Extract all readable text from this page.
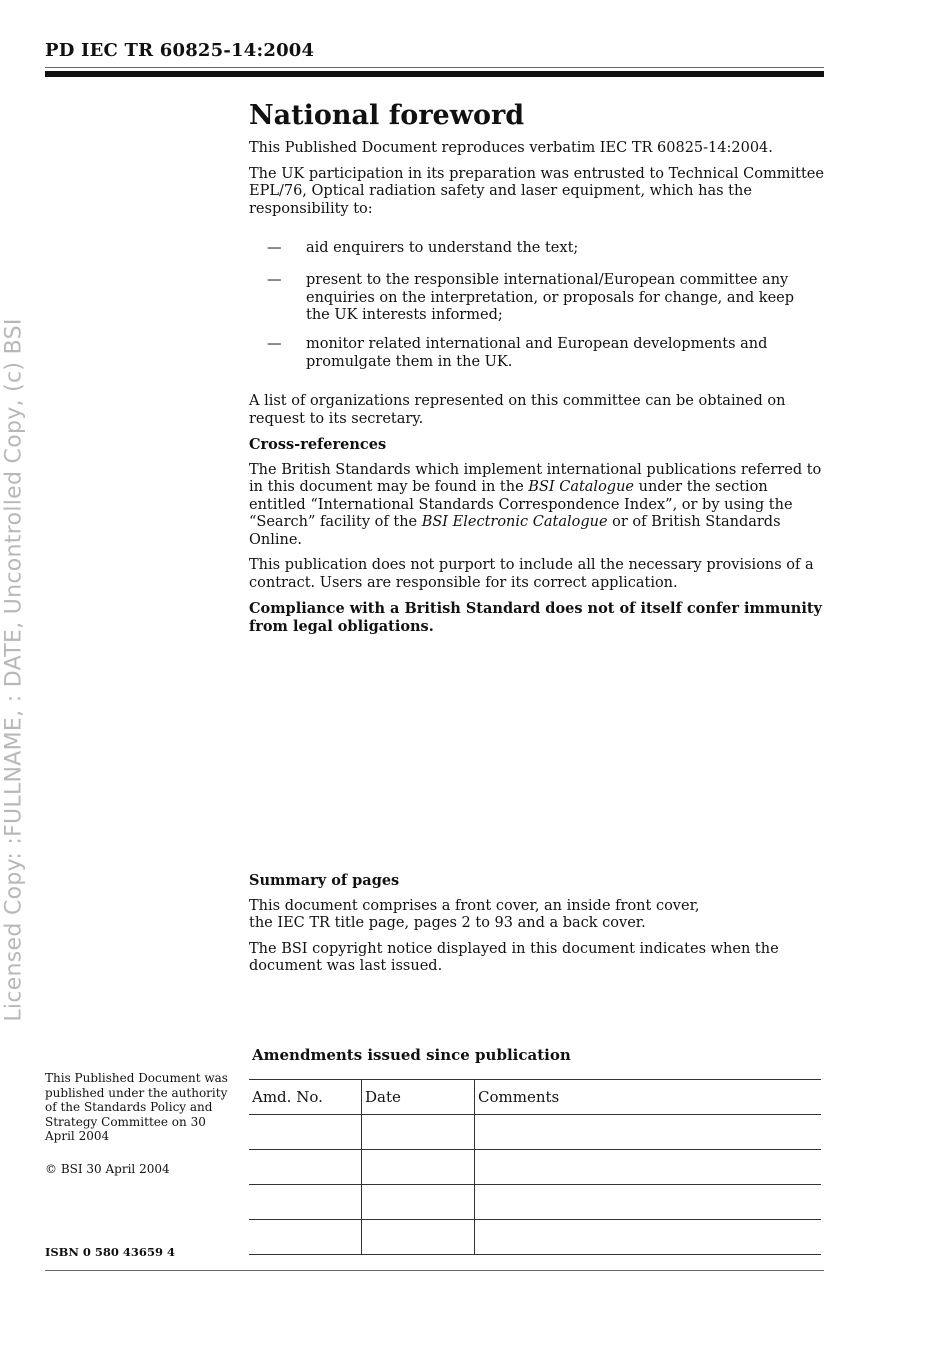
Licensed Copy: :FULLNAME, : DATE, Uncontrolled Copy, (c) BSI
PD IEC TR 60825-14:2004
National foreword

This Published Document reproduces verbatim IEC TR 60825-14:2004.

The UK participation in its preparation was entrusted to Technical Committee EPL/76, Optical radiation safety and laser equipment, which has the responsibility to:

— aid enquirers to understand the text;
— present to the responsible international/European committee any enquiries on the interpretation, or proposals for change, and keep the UK interests informed;
— monitor related international and European developments and promulgate them in the UK.

A list of organizations represented on this committee can be obtained on request to its secretary.

Cross-references

The British Standards which implement international publications referred to in this document may be found in the BSI Catalogue under the section entitled “International Standards Correspondence Index”, or by using the “Search” facility of the BSI Electronic Catalogue or of British Standards Online.

This publication does not purport to include all the necessary provisions of a contract. Users are responsible for its correct application.

Compliance with a British Standard does not of itself confer immunity from legal obligations.

Summary of pages

This document comprises a front cover, an inside front cover,

the IEC TR title page, pages 2 to 93 and a back cover.

The BSI copyright notice displayed in this document indicates when the document was last issued.

This Published Document was published under the authority of the Standards Policy and Strategy Committee on 30 April 2004
© BSI 30 April 2004
ISBN 0 580 43659 4
Amendments issued since publication
Amd. No.	Date	Comments
